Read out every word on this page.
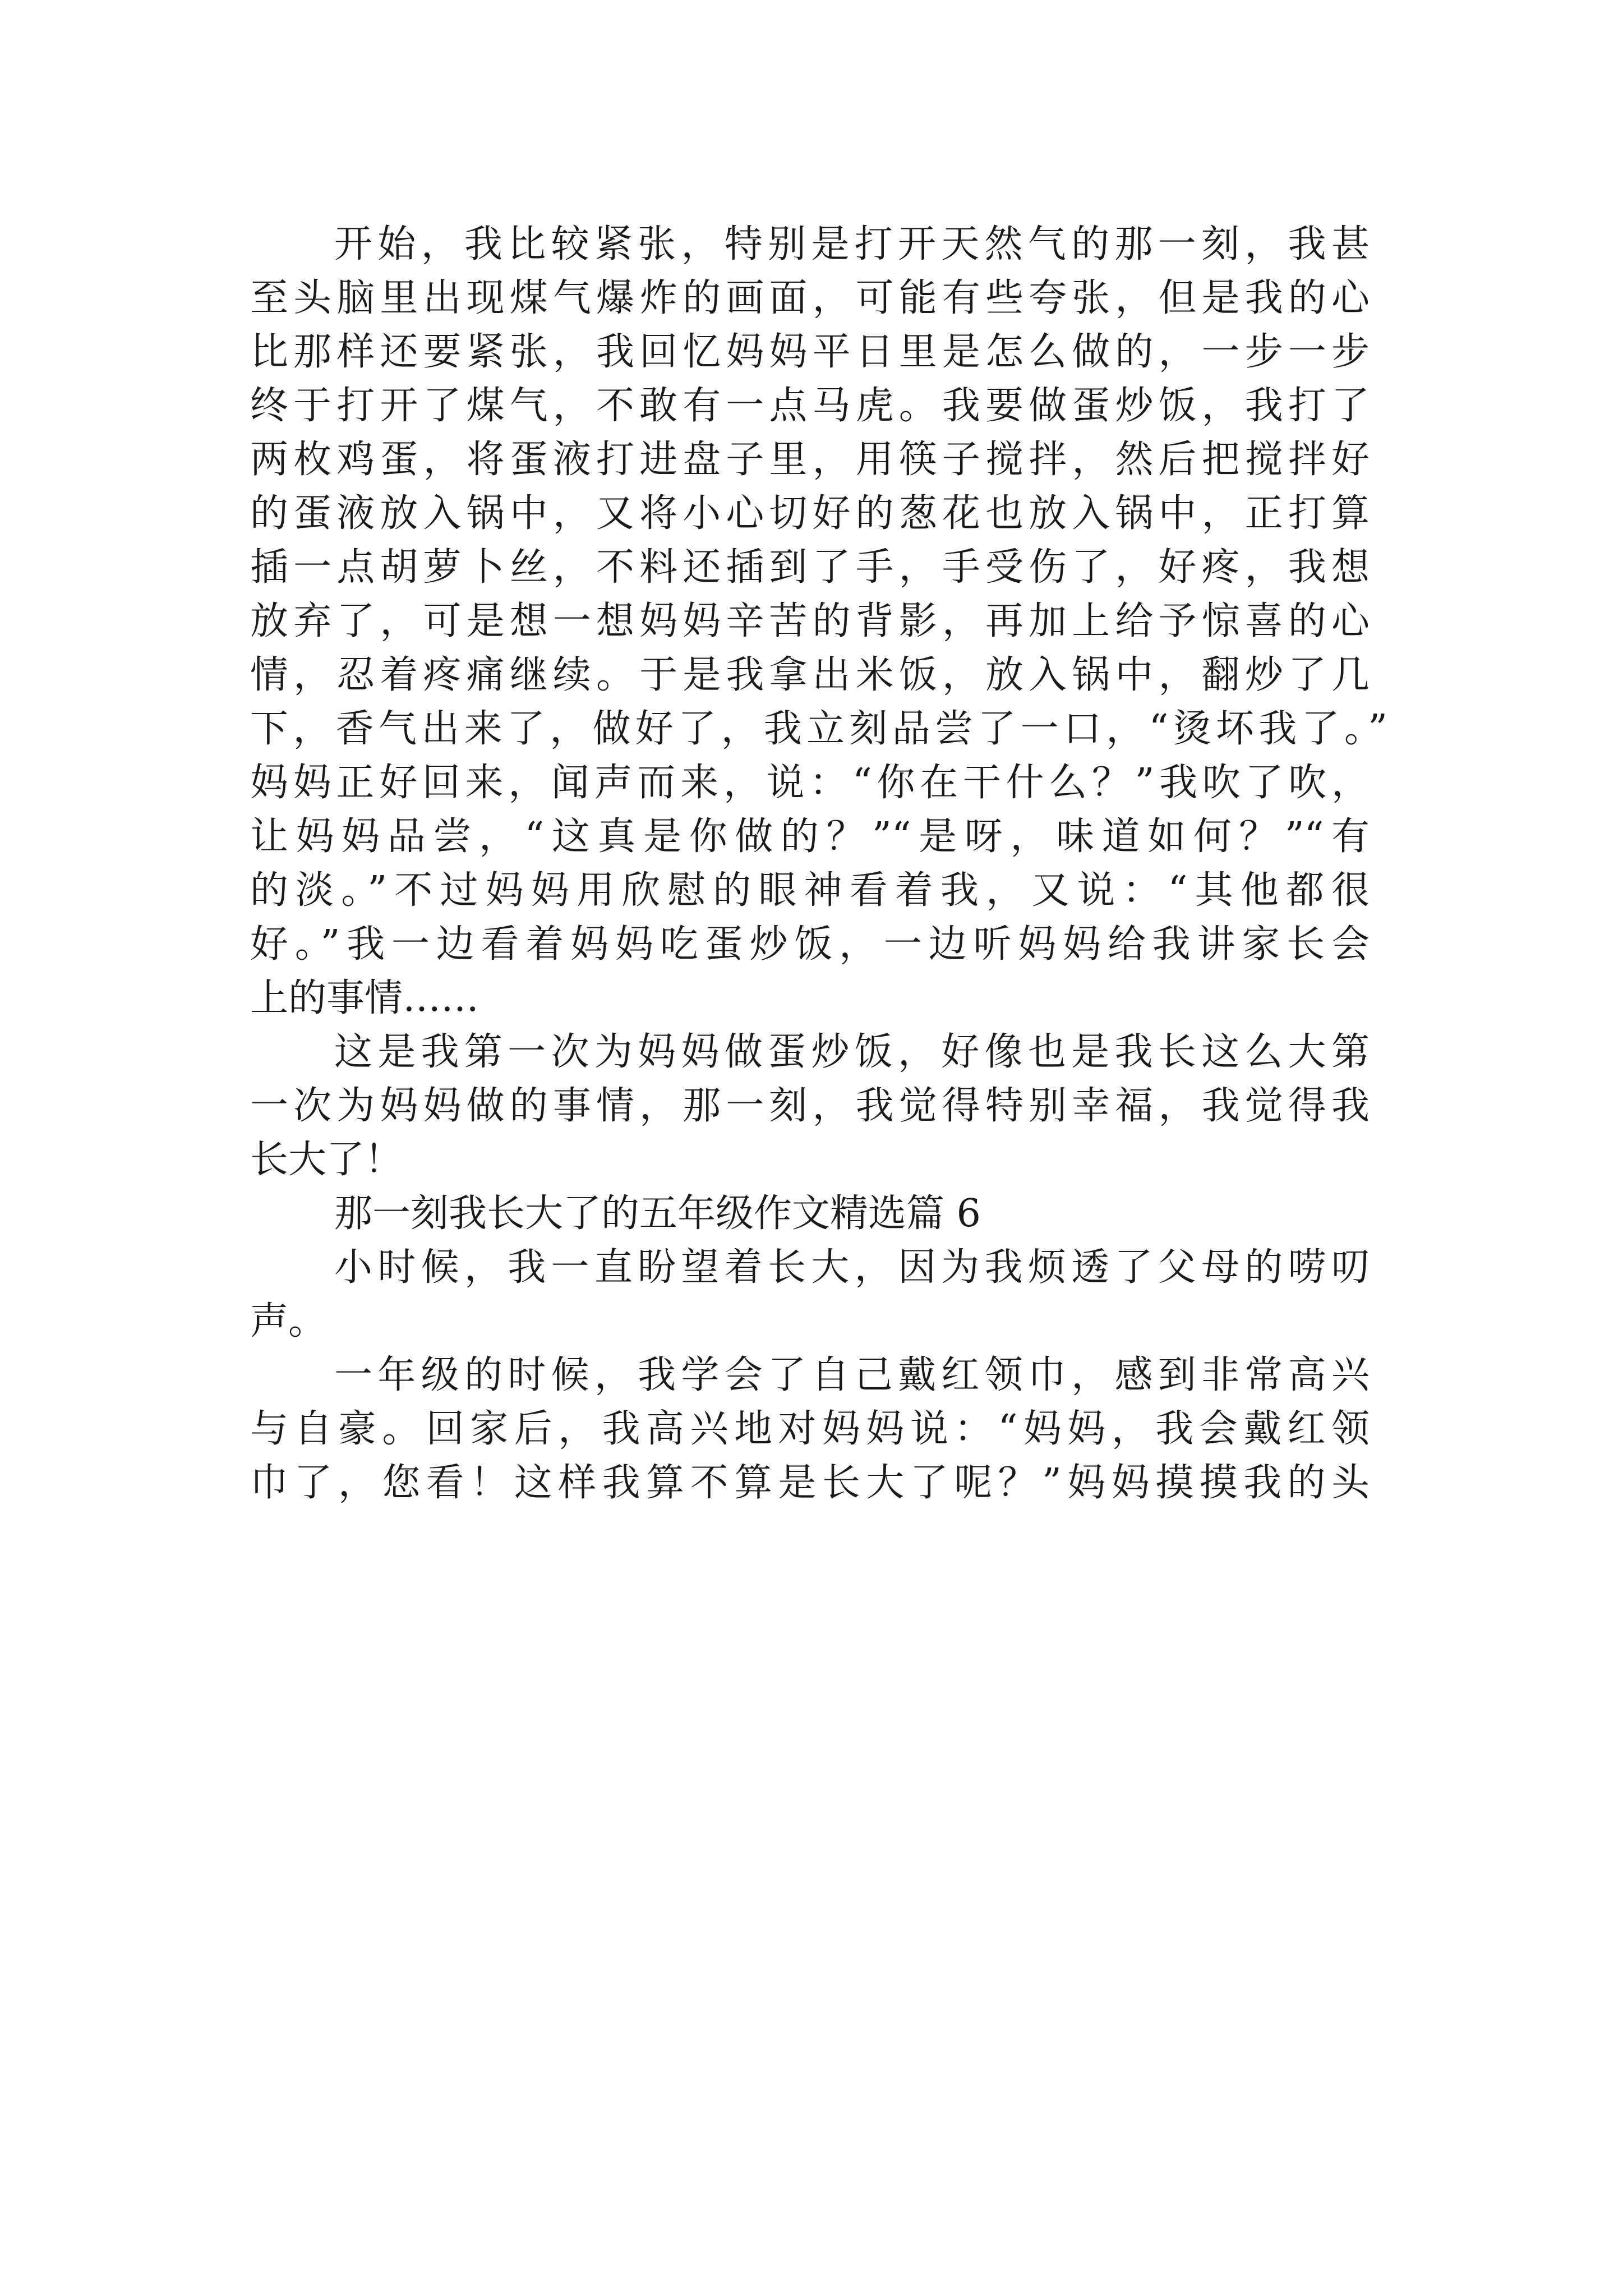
开始，我比较紧张，特别是打开天然气的那一刻，我甚
至头脑里出现煤气爆炸的画面，可能有些夸张，但是我的心
比那样还要紧张，我回忆妈妈平日里是怎么做的，一步一步
终于打开了煤气，不敢有一点马虎。我要做蛋炒饭，我打了
两枚鸡蛋，将蛋液打进盘子里，用筷子搅拌，然后把搅拌好
的蛋液放入锅中，又将小心切好的葱花也放入锅中，正打算
插一点胡萝卜丝，不料还插到了手，手受伤了，好疼，我想
放弃了，可是想一想妈妈辛苦的背影，再加上给予惊喜的心
情，忍着疼痛继续。于是我拿出米饭，放入锅中，翻炒了几
下，香气出来了，做好了，我立刻品尝了一口，“烫坏我了。”
妈妈正好回来，闻声而来，说：“你在干什么？”我吹了吹，
让妈妈品尝，“这真是你做的？”“是呀，味道如何？”“有
的淡。”不过妈妈用欣慰的眼神看着我，又说：“其他都很
好。”我一边看着妈妈吃蛋炒饭，一边听妈妈给我讲家长会
上的事情……
这是我第一次为妈妈做蛋炒饭，好像也是我长这么大第
一次为妈妈做的事情，那一刻，我觉得特别幸福，我觉得我
长大了！
那一刻我长大了的五年级作文精选篇 6
小时候，我一直盼望着长大，因为我烦透了父母的唠叨
声。
一年级的时候，我学会了自己戴红领巾，感到非常高兴
与自豪。回家后，我高兴地对妈妈说：“妈妈，我会戴红领
巾了，您看！这样我算不算是长大了呢？”妈妈摸摸我的头
